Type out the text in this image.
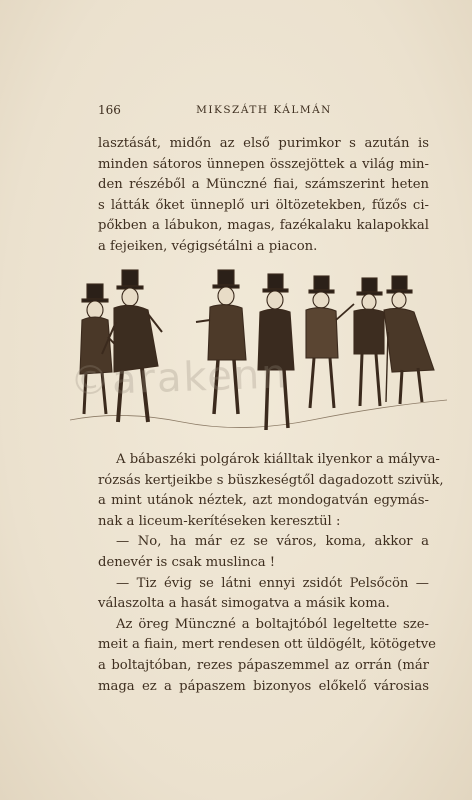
166	MIKSZÁTH KÁLMÁN
lasztását, midőn az első purimkor s azután is
minden sátoros ünnepen összejöttek a világ min-
den részéből a Münczné fiai, számszerint heten
s látták őket ünneplő uri öltözetekben, fűzős ci-
pőkben a lábukon, magas, fazékalaku kalapokkal
a fejeiken, végigsétálni a piacon.
©arakenn
A bábaszéki polgárok kiálltak ilyenkor a mályva-
rózsás kertjeikbe s büszkeségtől dagadozott szivük,
a mint utánok néztek, azt mondogatván egymás-
nak a liceum-kerítéseken keresztül :
— No, ha már ez se város, koma, akkor a
denevér is csak muslinca !
— Tiz évig se látni ennyi zsidót Pelsőcön —
válaszolta a hasát simogatva a másik koma.
Az öreg Münczné a boltajtóból legeltette sze-
meit a fiain, mert rendesen ott üldögélt, kötögetve
a boltajtóban, rezes pápaszemmel az orrán (már
maga ez a pápaszem bizonyos előkelő városias
